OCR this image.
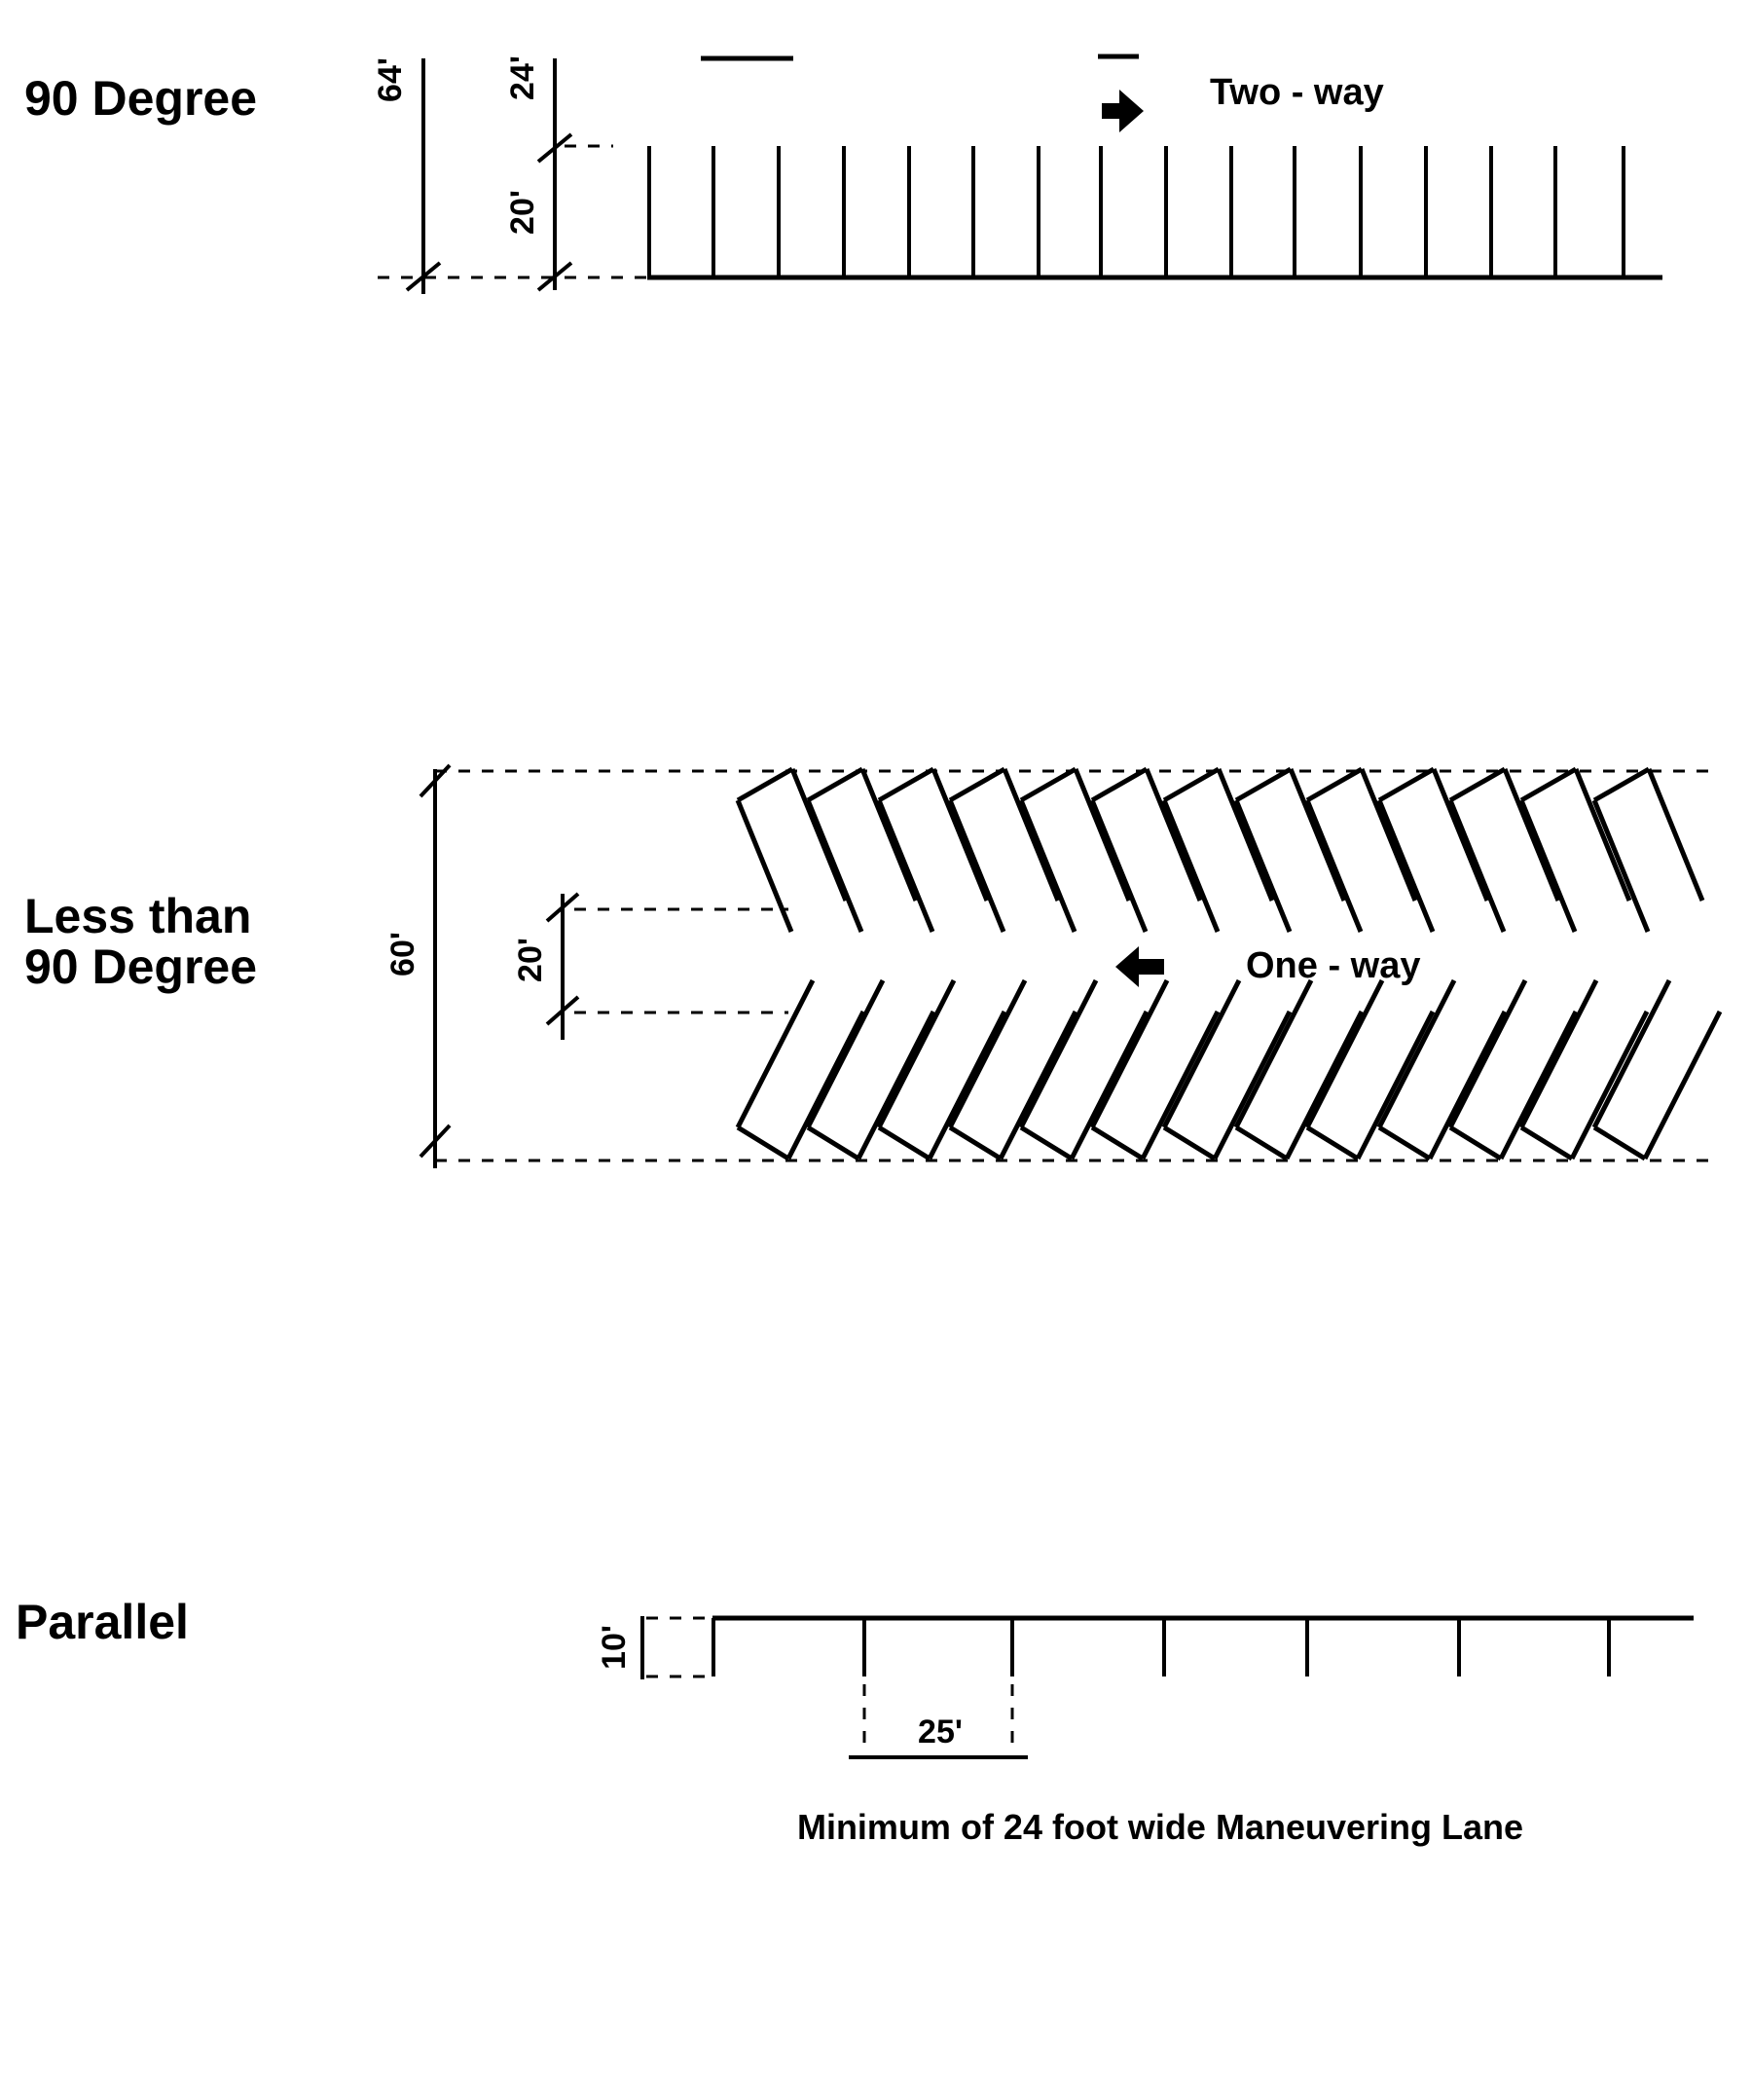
90 Degree	64'	24'
20'
Two - way
Less than
90 Degree	60'	20'	One - way
Parallel	10'
25'
Minimum of 24 foot wide Maneuvering Lane
